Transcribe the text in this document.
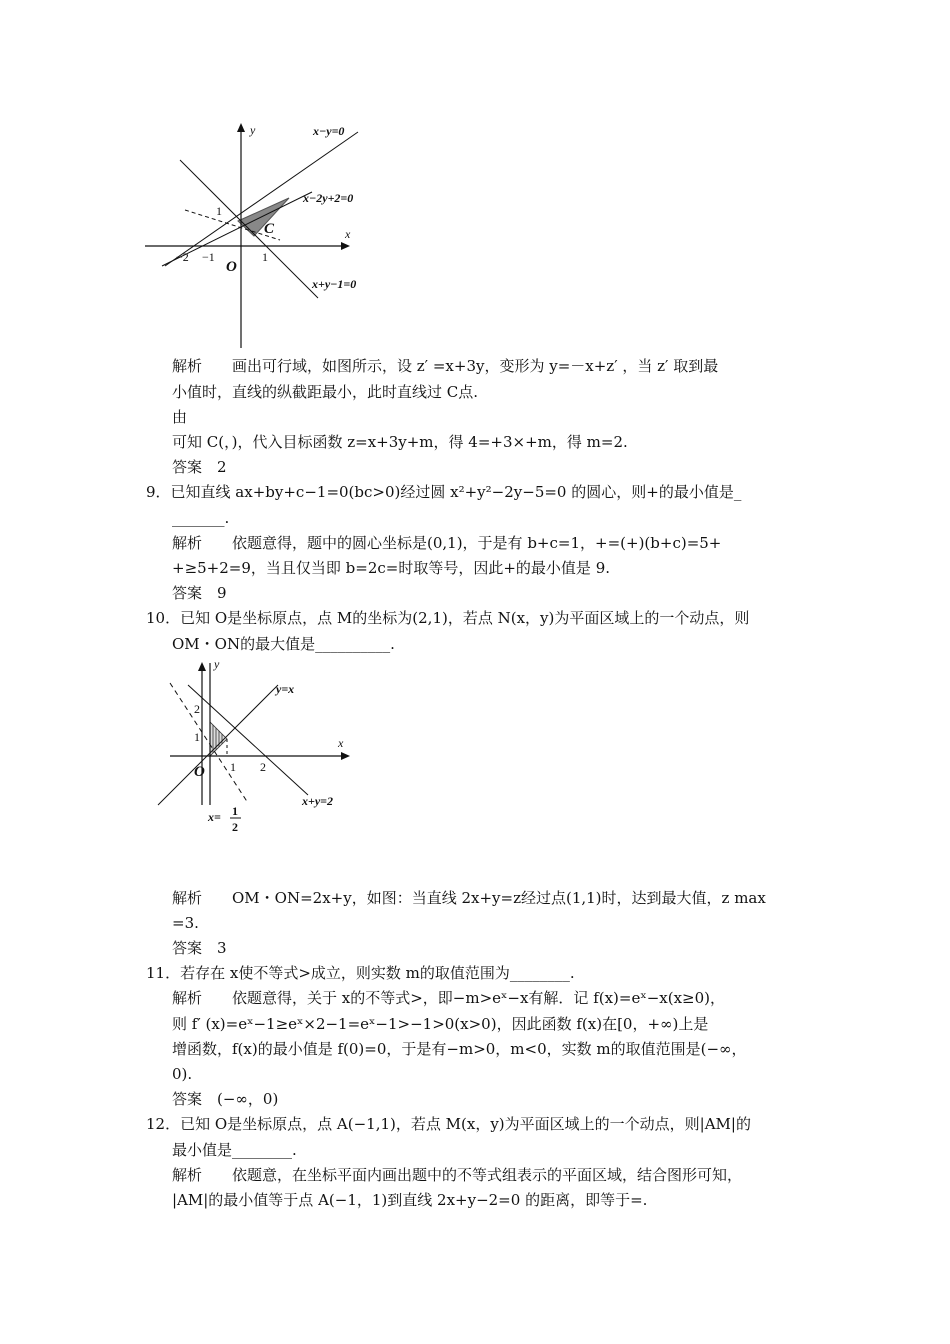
y
x
C
O
1
−2 −1	1
x−y=0
x−2y+2=0
x+y−1=0
解析　　画出可行域，如图所示，设 z′ =x+3y，变形为 y=－x+z′ ，当 z′ 取到最
小值时，直线的纵截距最小，此时直线过 C点.
由
可知 C(，)，代入目标函数 z=x+3y+m，得 4=+3×+m，得 m=2.
答案　2
9．已知直线 ax+by+c−1=0(bc>0)经过圆 x²+y²−2y−5=0 的圆心，则+的最小值是_
_______.
解析　　依题意得，题中的圆心坐标是(0,1)，于是有 b+c=1，+=(+)(b+c)=5+
+≥5+2=9，当且仅当即 b=2c=时取等号，因此+的最小值是 9.
答案　9
10．已知 O是坐标原点，点 M的坐标为(2,1)，若点 N(x，y)为平面区域上的一个动点，则
OM・ON的最大值是__________.
y
x
O
2
1
1 2
y=x
x+y=2
x= 1
2
解析　　OM・ON=2x+y，如图：当直线 2x+y=z经过点(1,1)时，达到最大值，z max
=3.
答案　3
11．若存在 x使不等式>成立，则实数 m的取值范围为________.
解析　　依题意得，关于 x的不等式>，即−m>eˣ−x有解．记 f(x)=eˣ−x(x≥0)，
则 f′ (x)=eˣ−1≥eˣ×2−1=eˣ−1>−1>0(x>0)，因此函数 f(x)在[0，+∞)上是
增函数，f(x)的最小值是 f(0)=0，于是有−m>0，m<0，实数 m的取值范围是(−∞，
0).
答案　(−∞，0)
12．已知 O是坐标原点，点 A(−1,1)，若点 M(x，y)为平面区域上的一个动点，则|AM|的
最小值是________.
解析　　依题意，在坐标平面内画出题中的不等式组表示的平面区域，结合图形可知，
|AM|的最小值等于点 A(−1，1)到直线 2x+y−2=0 的距离，即等于=.
